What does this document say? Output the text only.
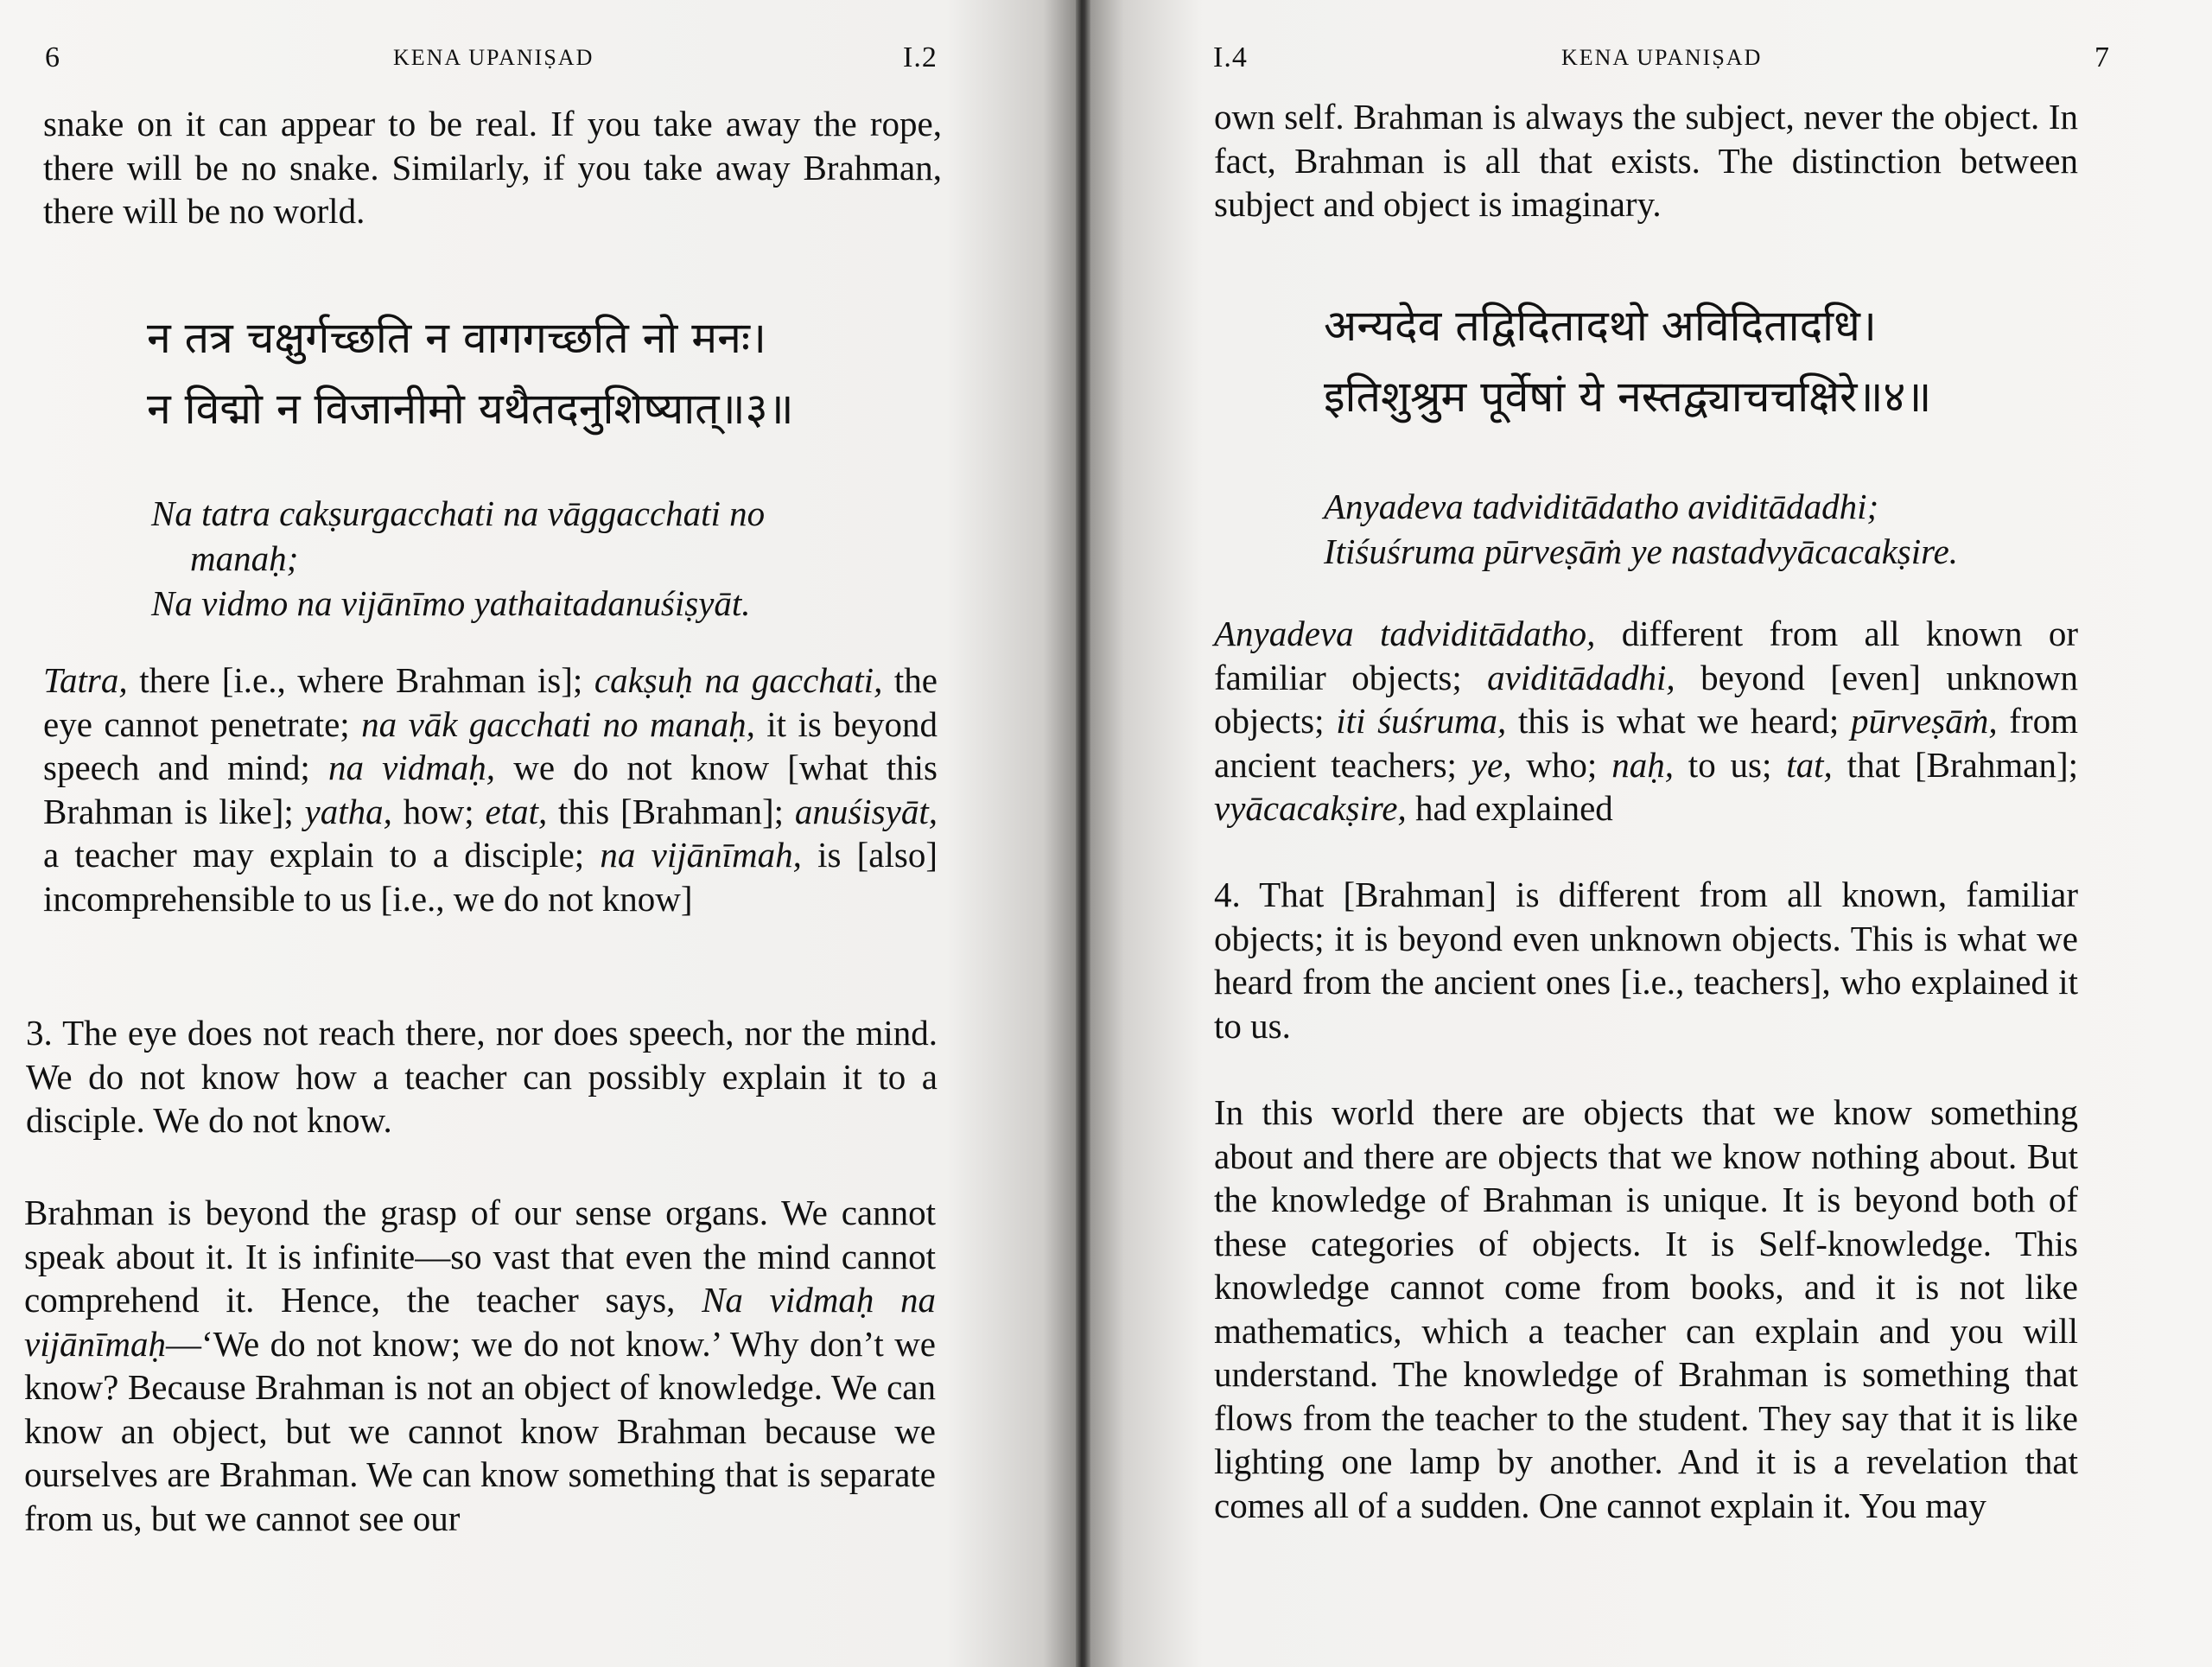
6	KENA UPANIṢAD	I.2

snake on it can appear to be real. If you take away the rope, there will be no snake. Similarly, if you take away Brahman, there will be no world.

न तत्र चक्षुर्गच्छति न वागगच्छति नो मनः।
न विद्मो न विजानीमो यथैतदनुशिष्यात्॥३॥
Na tatra cakṣurgacchati na vāggacchati no
manaḥ;
Na vidmo na vijānīmo yathaitadanuśiṣyāt.

Tatra, there [i.e., where Brahman is]; cakṣuḥ na gacchati, the eye cannot penetrate; na vāk gacchati no manaḥ, it is beyond speech and mind; na vidmaḥ, we do not know [what this Brahman is like]; yatha, how; etat, this [Brahman]; anuśisyāt, a teacher may explain to a disciple; na vijānīmah, is [also] incomprehensible to us [i.e., we do not know]

3. The eye does not reach there, nor does speech, nor the mind. We do not know how a teacher can possibly explain it to a disciple. We do not know.

Brahman is beyond the grasp of our sense organs. We cannot speak about it. It is infinite—so vast that even the mind cannot comprehend it. Hence, the teacher says, Na vidmaḥ na vijānīmaḥ—‘We do not know; we do not know.’ Why don’t we know? Because Brahman is not an object of knowledge. We can know an object, but we cannot know Brahman because we ourselves are Brahman. We can know something that is separate from us, but we cannot see our

I.4	KENA UPANIṢAD	7

own self. Brahman is always the subject, never the object. In fact, Brahman is all that exists. The distinction between subject and object is imaginary.

अन्यदेव तद्विदितादथो अविदितादधि।
इतिशुश्रुम पूर्वेषां ये नस्तद्व्याचचक्षिरे॥४॥
Anyadeva tadviditādatho aviditādadhi;
Itiśuśruma pūrveṣāṁ ye nastadvyācacakṣire.

Anyadeva tadviditādatho, different from all known or familiar objects; aviditādadhi, beyond [even] unknown objects; iti śuśruma, this is what we heard; pūrveṣāṁ, from ancient teachers; ye, who; naḥ, to us; tat, that [Brahman]; vyācacakṣire, had explained

4. That [Brahman] is different from all known, familiar objects; it is beyond even unknown objects. This is what we heard from the ancient ones [i.e., teachers], who explained it to us.

In this world there are objects that we know something about and there are objects that we know nothing about. But the knowledge of Brahman is unique. It is beyond both of these categories of objects. It is Self-knowledge. This knowledge cannot come from books, and it is not like mathematics, which a teacher can explain and you will understand. The knowledge of Brahman is something that flows from the teacher to the student. They say that it is like lighting one lamp by another. And it is a revelation that comes all of a sudden. One cannot explain it. You may
